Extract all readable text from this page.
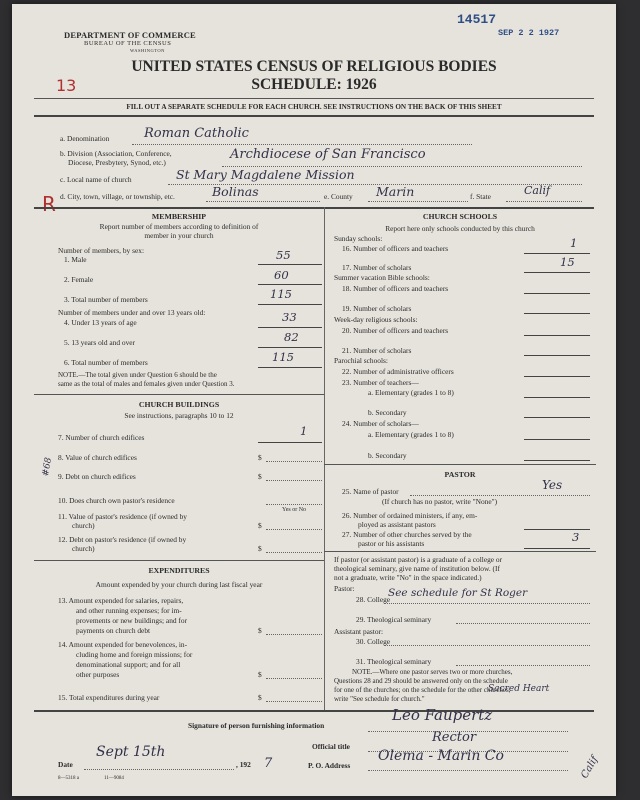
14517
SEP 2 2 1927
DEPARTMENT OF COMMERCE
BUREAU OF THE CENSUS
WASHINGTON
UNITED STATES CENSUS OF RELIGIOUS BODIES
SCHEDULE: 1926
13
FILL OUT A SEPARATE SCHEDULE FOR EACH CHURCH. SEE INSTRUCTIONS ON THE BACK OF THIS SHEET
a. Denomination	Roman Catholic
b. Division (Association, Conference,
Diocese, Presbytery, Synod, etc.)
Archdiocese of San Francisco
c. Local name of church	St Mary Magdalene Mission
R d. City, town, village, or township, etc.	Bolinas	e. County Marin	f. State	Calif
MEMBERSHIP
Report number of members according to definition of
member in your church
Number of members, by sex:
1. Male	55
2. Female	60
3. Total number of members	115
Number of members under and over 13 years old:
4. Under 13 years of age	33
5. 13 years old and over	82
6. Total number of members	115
NOTE.—The total given under Question 6 should be the
same as the total of males and females given under Question 3.
CHURCH BUILDINGS
See instructions, paragraphs 10 to 12
7. Number of church edifices	1
8. Value of church edifices	$
9. Debt on church edifices	$
#68
10. Does church own pastor's residence
Yes or No
11. Value of pastor's residence (if owned by
church)	$
12. Debt on pastor's residence (if owned by
church)	$
EXPENDITURES
Amount expended by your church during last fiscal year
13. Amount expended for salaries, repairs,
and other running expenses; for im-
provements or new buildings; and for
payments on church debt	$
14. Amount expended for benevolences, in-
cluding home and foreign missions; for
denominational support; and for all
other purposes	$
15. Total expenditures during year	$
CHURCH SCHOOLS
Report here only schools conducted by this church
Sunday schools:
16. Number of officers and teachers	1
17. Number of scholars	15
Summer vacation Bible schools:
18. Number of officers and teachers
19. Number of scholars
Week-day religious schools:
20. Number of officers and teachers
21. Number of scholars
Parochial schools:
22. Number of administrative officers
23. Number of teachers—
a. Elementary (grades 1 to 8)
b. Secondary
24. Number of scholars—
a. Elementary (grades 1 to 8)
b. Secondary
PASTOR
25. Name of pastor	Yes
(If church has no pastor, write "None")
26. Number of ordained ministers, if any, em-
ployed as assistant pastors
27. Number of other churches served by the
pastor or his assistants	3
If pastor (or assistant pastor) is a graduate of a college or
theological seminary, give name of institution below. (If
not a graduate, write "No" in the space indicated.)
Pastor:
28. College
See schedule for St Roger
29. Theological seminary
Assistant pastor:
30. College
31. Theological seminary
NOTE.—Where one pastor serves two or more churches,
Questions 28 and 29 should be answered only on the schedule
for one of the churches; on the schedule for the other churches,
write "See schedule for church."
Sacred Heart
Signature of person furnishing information
Leo Faupertz
Official title
Rector
Date
Sept 15th
, 192 7	P. O. Address
Olema - Marin Co	Calif
8—5318 a	11—9084
